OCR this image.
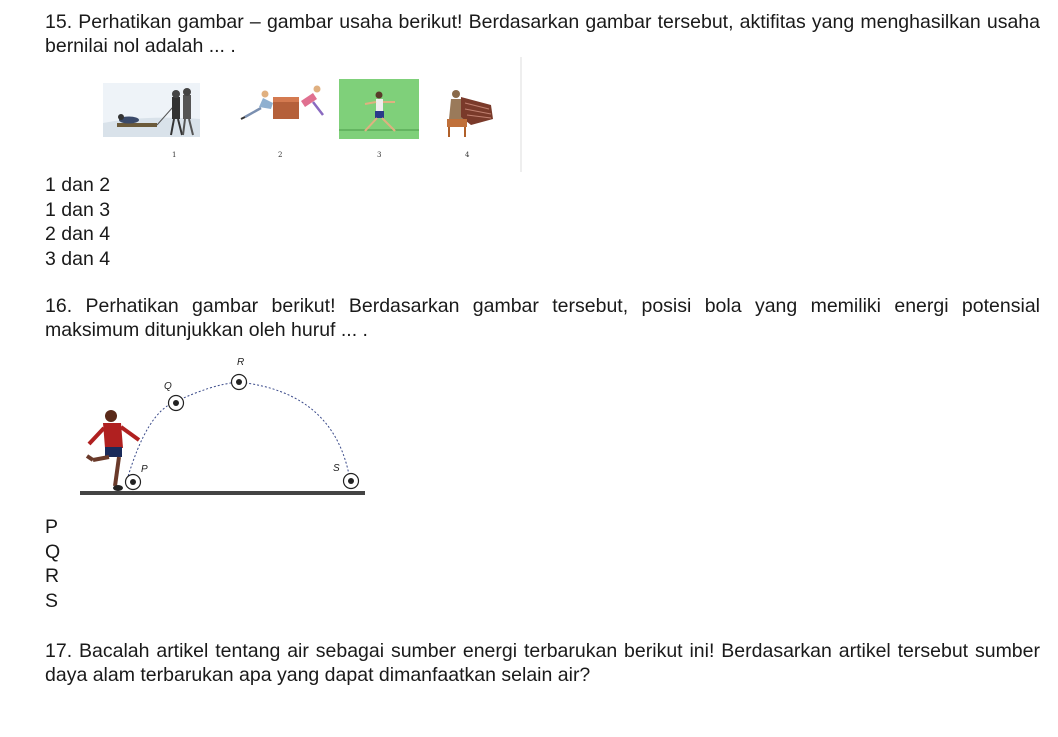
15. Perhatikan gambar – gambar usaha berikut! Berdasarkan gambar tersebut, aktifitas yang menghasilkan usaha bernilai nol adalah ... .
1	2	3	4
1 dan 2
1 dan 3
2 dan 4
3 dan 4
16. Perhatikan gambar berikut! Berdasarkan gambar tersebut, posisi bola yang memiliki energi potensial maksimum ditunjukkan oleh huruf ... .
P
Q
R
S
P
Q
R
S
17. Bacalah artikel tentang air sebagai sumber energi terbarukan berikut ini! Berdasarkan artikel tersebut sumber daya alam terbarukan apa yang dapat dimanfaatkan selain air?
